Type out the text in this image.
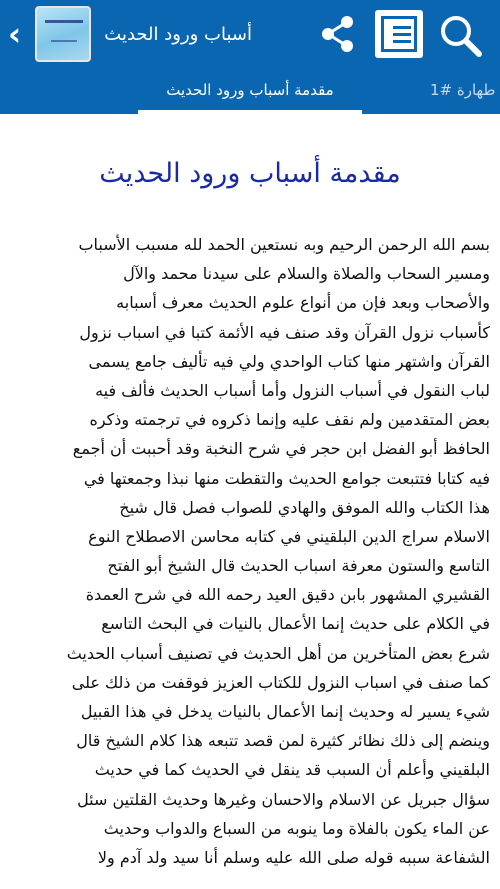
‹	أسباب ورود الحديث
مقدمة أسباب ورود الحديث	طهارة #1
مقدمة أسباب ورود الحديث
بسم الله الرحمن الرحيم وبه نستعين الحمد لله مسبب الأسباب
ومسير السحاب والصلاة والسلام على سيدنا محمد والآل
والأصحاب وبعد فإن من أنواع علوم الحديث معرف أسبابه
كأسباب نزول القرآن وقد صنف فيه الأئمة كتبا في اسباب نزول
القرآن واشتهر منها كتاب الواحدي ولي فيه تأليف جامع يسمى
لباب النقول في أسباب النزول وأما أسباب الحديث فألف فيه
بعض المتقدمين ولم نقف عليه وإنما ذكروه في ترجمته وذكره
الحافظ أبو الفضل ابن حجر في شرح النخبة وقد أحببت أن أجمع
فيه كتابا فتتبعت جوامع الحديث والتقطت منها نبذا وجمعتها في
هذا الكتاب والله الموفق والهادي للصواب فصل قال شيخ
الاسلام سراج الدين البلقيني في كتابه محاسن الاصطلاح النوع
التاسع والستون معرفة اسباب الحديث قال الشيخ أبو الفتح
القشيري المشهور بابن دقيق العيد رحمه الله في شرح العمدة
في الكلام على حديث إنما الأعمال بالنيات في البحث التاسع
شرع بعض المتأخرين من أهل الحديث في تصنيف أسباب الحديث
كما صنف في اسباب النزول للكتاب العزيز فوقفت من ذلك على
شيء يسير له وحديث إنما الأعمال بالنيات يدخل في هذا القبيل
وينضم إلى ذلك نظائر كثيرة لمن قصد تتبعه هذا كلام الشيخ قال
البلقيني وأعلم أن السبب قد ينقل في الحديث كما في حديث
سؤال جبريل عن الاسلام والاحسان وغيرها وحديث القلتين سئل
عن الماء يكون بالفلاة وما ينوبه من السباع والدواب وحديث
الشفاعة سببه قوله صلى الله عليه وسلم أنا سيد ولد آدم ولا
